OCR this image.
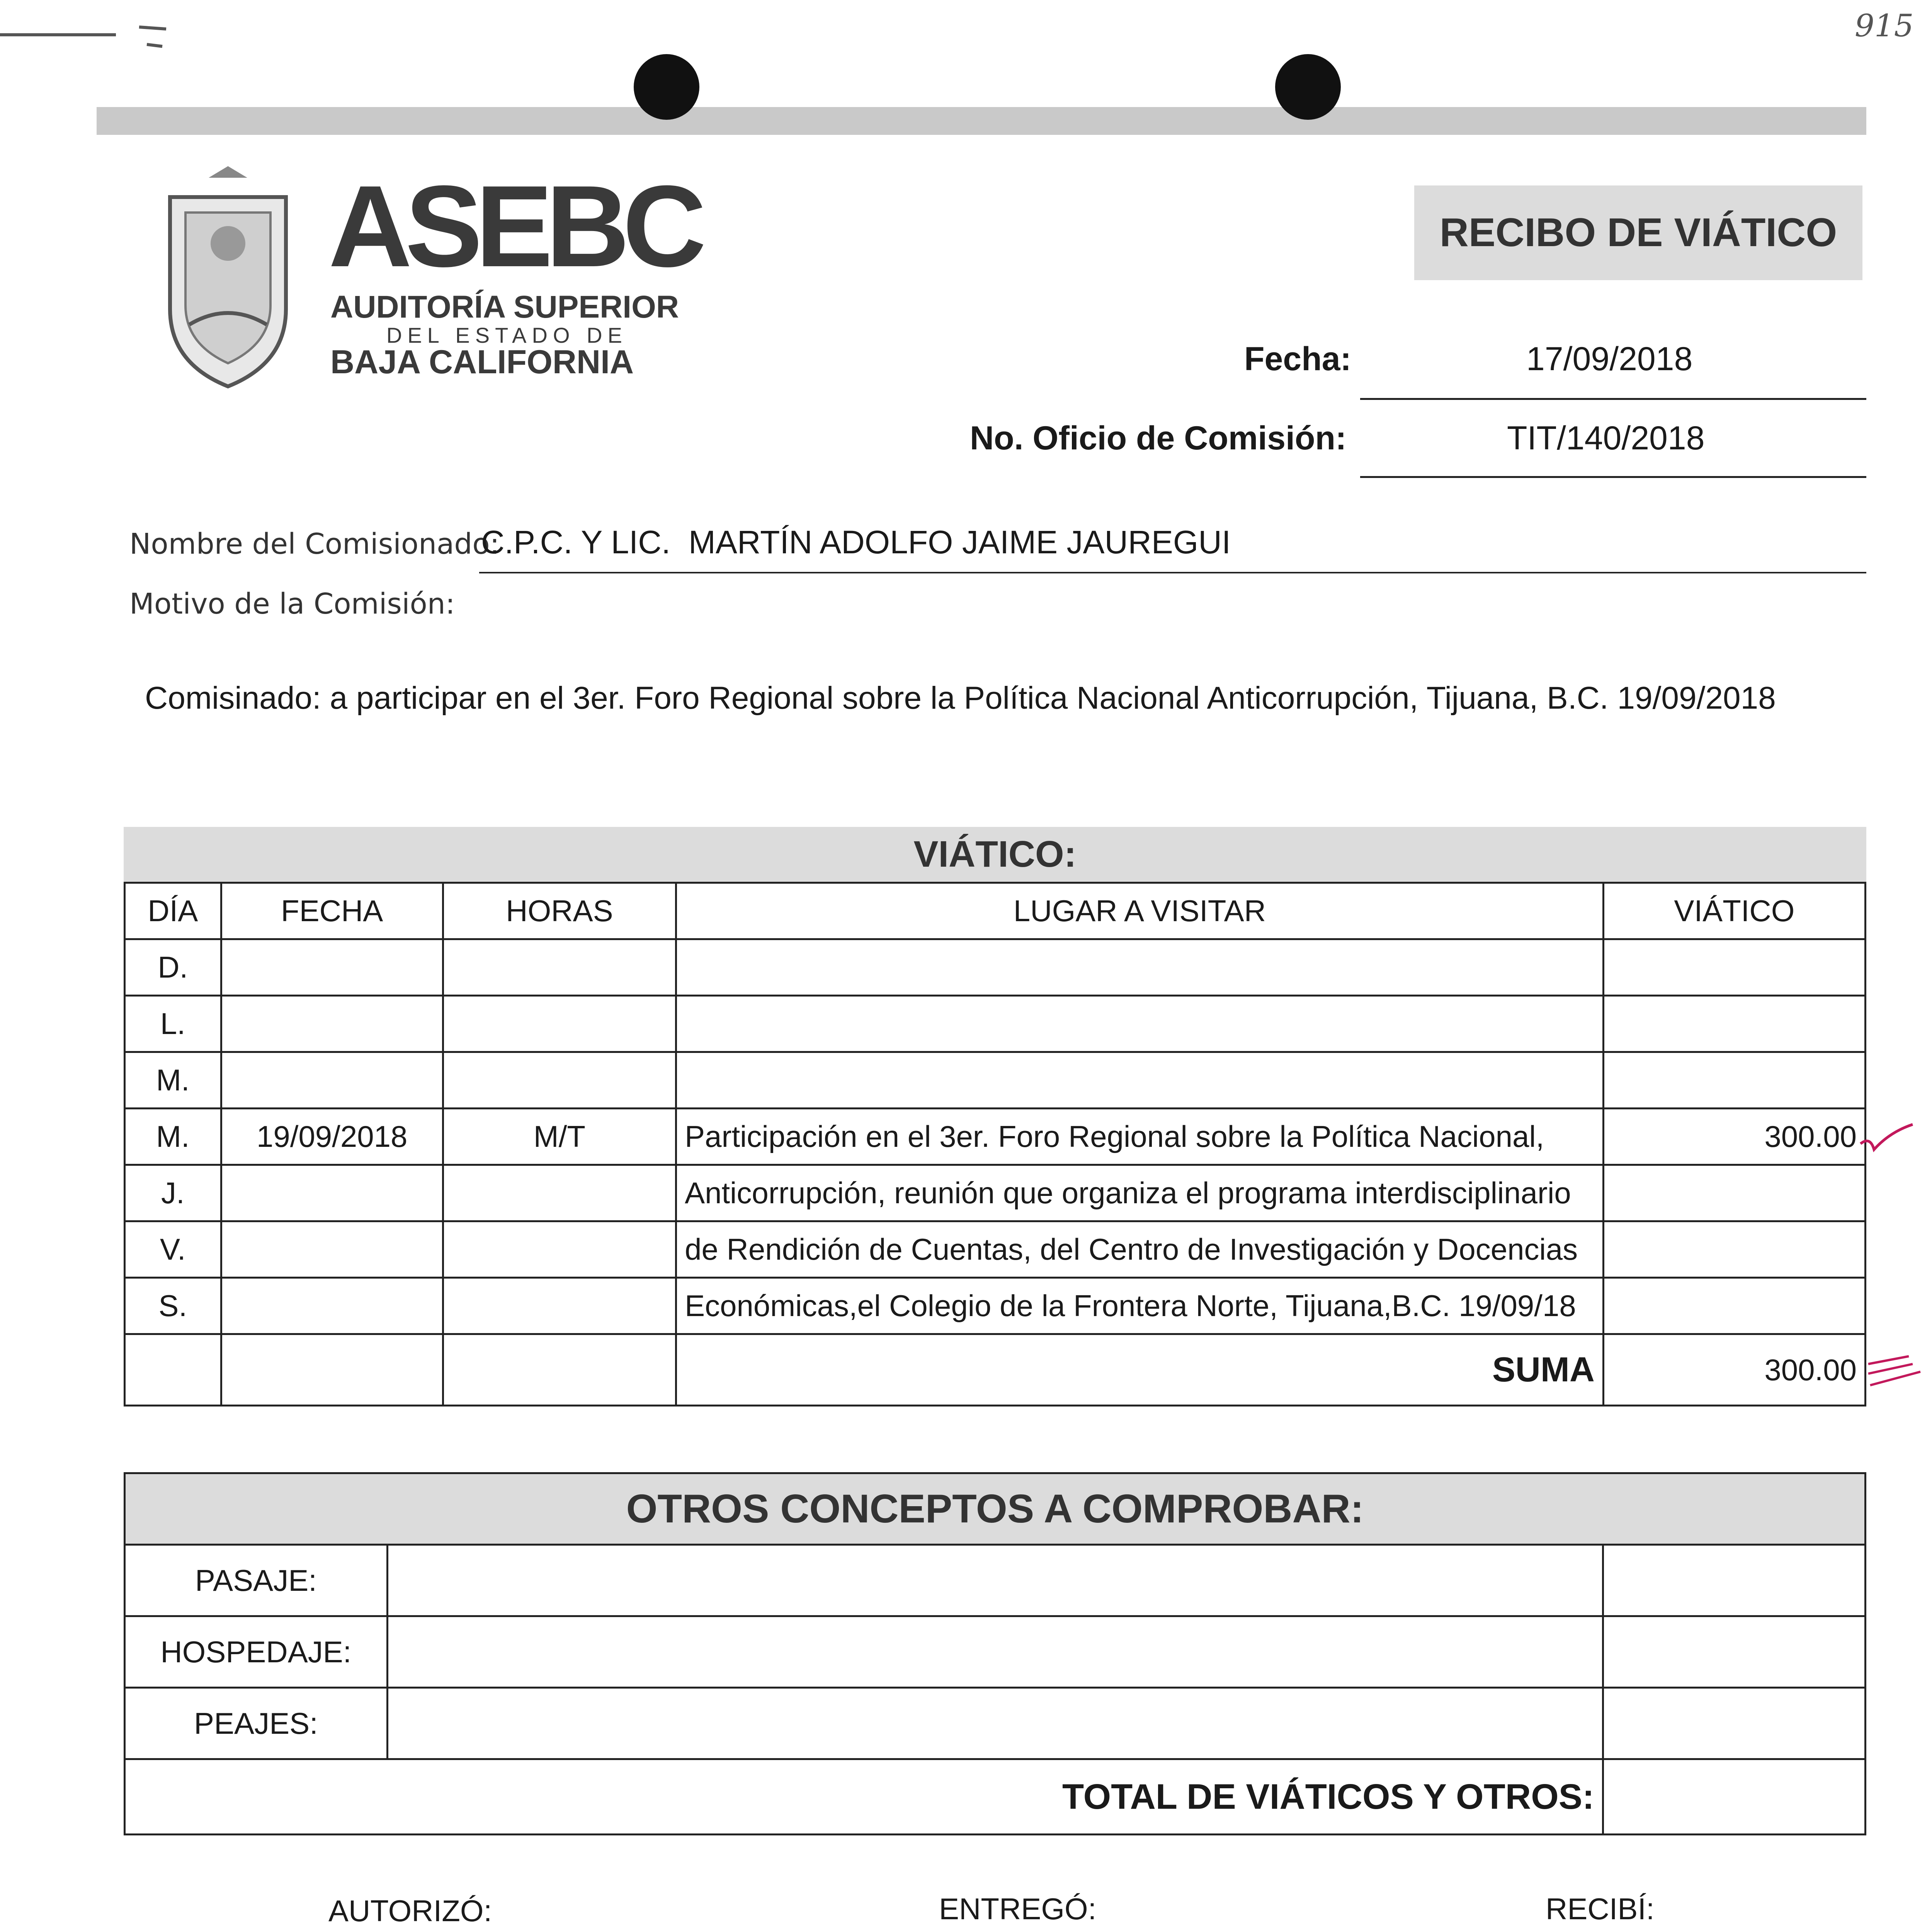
915
ASEBC
AUDITORÍA SUPERIOR
DEL ESTADO DE
BAJA CALIFORNIA
RECIBO DE VIÁTICO
Fecha:	17/09/2018
No. Oficio de Comisión:	TIT/140/2018
Nombre del Comisionado:
C.P.C. Y LIC.  MARTÍN ADOLFO JAIME JAUREGUI
Motivo de la Comisión:
Comisinado: a participar en el 3er. Foro Regional sobre la Política Nacional Anticorrupción, Tijuana, B.C. 19/09/2018
VIÁTICO:
DÍA	FECHA	HORAS	LUGAR A VISITAR	VIÁTICO
D.				
L.				
M.				
M.	19/09/2018	M/T	Participación en el 3er. Foro Regional sobre la Política Nacional,	300.00
J.			Anticorrupción, reunión que organiza el programa interdisciplinario	
V.			de Rendición de Cuentas, del Centro de Investigación y Docencias	
S.			Económicas,el Colegio de la Frontera Norte, Tijuana,B.C. 19/09/18	
			SUMA	300.00
OTROS CONCEPTOS A COMPROBAR:		
PASAJE:		
HOSPEDAJE:		
PEAJES:		
TOTAL DE VIÁTICOS Y OTROS:		
AUTORIZÓ:	ENTREGÓ:	RECIBÍ:
